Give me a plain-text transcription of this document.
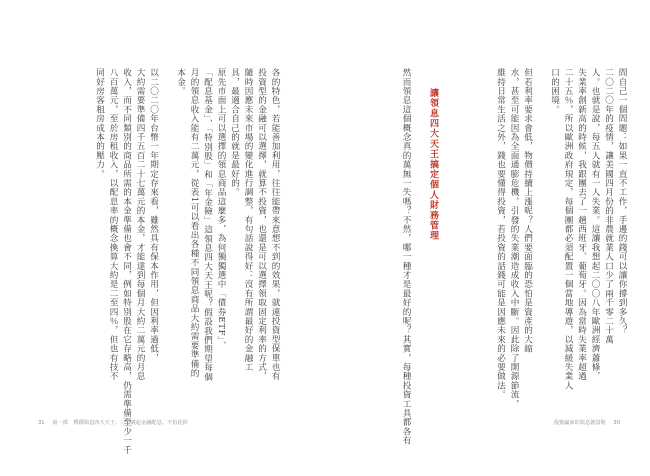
各的特色，若能善加利用，往往能帶來意想不到的效果，就連投資型保單也有
投資型的金融可以選擇，就算不投資，也還是可以選擇領取固定利率的方式，
隨時因應未來市場的變化進行調整，有句話說得好：沒有所謂最好的金融工
具，最適合自己的就是最好的。
原先市面上可以選擇的領息商品這麼多，為何獨獨選中「債券ETF」、
「配息基金」、「特別股」和「年金險」這領息四大天王呢？假設我們期望每個
月的領息收入能有二萬元，從表1可以看出各種不同領息商品大約需要準備的
本金。
以二〇二〇年台幣一年期定存來看，雖然具有保本作用，但因利率過低，
大約需要準備四千五百二十七萬元的本金，才能達到每個月大約二萬元的月息
收入，而不同類別的商品所需的本金準備也會不同，例如特別股在它存略高，仍需準備至少一千
八百萬元，至於房租收入，以配息率的概念換算大約是二至四％，但也有技不
同好房客租房成本的壓力。
31 第一部 穩穩領息四大天王：三十歲起金融配息、不怕花掉
問自己一個問題：如果一直不工作，手邊的錢可以讓你撐到多久？
二〇二〇年的疫情，讓美國四月份的非農就業人口少了兩千零二十萬
人。也就是說，每五人就有一人失業。這讓我想起二〇〇八年歐洲經濟蕭條，
失業率創新高的時候，我跟團去了一趟西班牙、葡萄牙。因為當時失業率超過
二十五％，所以歐洲政府規定，每個團都必須配置一個當地導遊，以減緩失業人
口的困境。
但若利率要求會低，物價持續上漲呢？人們要面臨的恐怕是資產的大縮
水，甚至可能因為全面通膨危機，引發的失業潮造成收入中斷。因此除了開源節流，
維持日常生活之外，錢也要懂得投資，若投資的話錢可能是因應未來的必要做法。
讓領息四大天王搞定個人財務管理
然而領息這個概念真的萬無一失嗎？不然，哪一種才是最好的呢？其實，每種投資工具都各有	投資贏家的領息創富術 30
